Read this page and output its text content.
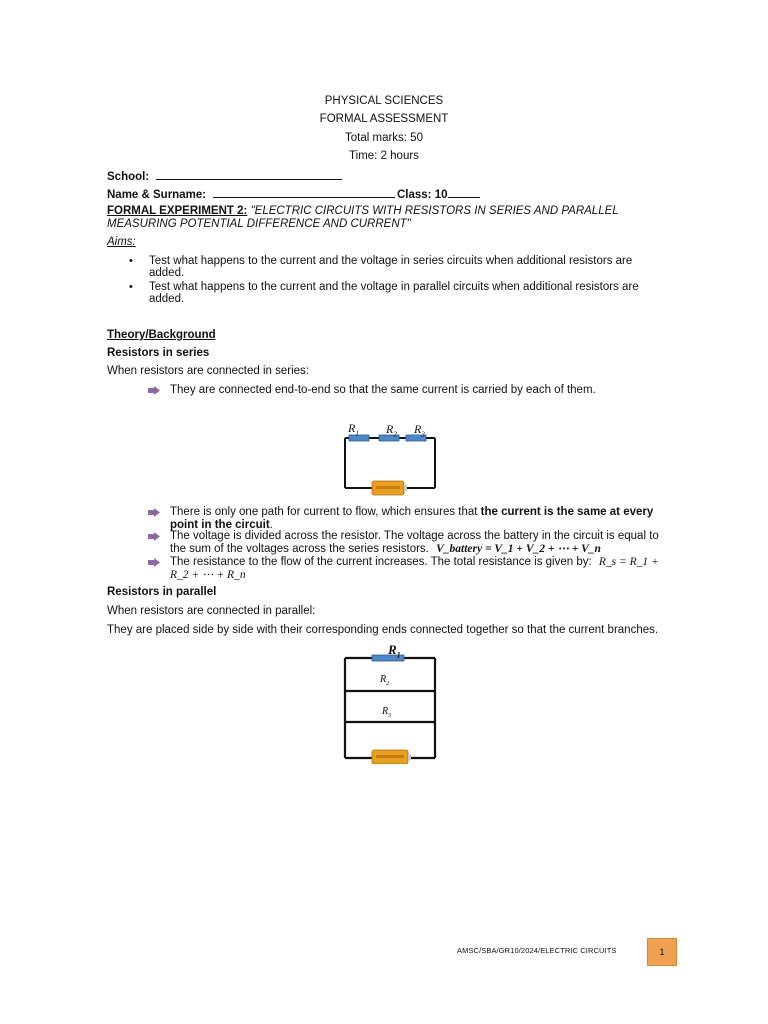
PHYSICAL SCIENCES
FORMAL ASSESSMENT
Total marks: 50
Time: 2 hours
School:
Name & Surname:	Class: 10
FORMAL EXPERIMENT 2: "ELECTRIC CIRCUITS WITH RESISTORS IN SERIES AND PARALLEL
MEASURING POTENTIAL DIFFERENCE AND CURRENT"
Aims:
• Test what happens to the current and the voltage in series circuits when additional resistors are
added.
• Test what happens to the current and the voltage in parallel circuits when additional resistors are
added.
Theory/Background
Resistors in series
When resistors are connected in series:
They are connected end-to-end so that the same current is carried by each of them.
$R_1$ $R_2$ $R_3$
There is only one path for current to flow, which ensures that the current is the same at every
point in the circuit.
The voltage is divided across the resistor. The voltage across the battery in the circuit is equal to
the sum of the voltages across the series resistors. V_battery = V_1 + V_2 + ⋯ + V_n
The resistance to the flow of the current increases. The total resistance is given by: R_s = R_1 +
R_2 + ⋯ + R_n
Resistors in parallel
When resistors are connected in parallel:
They are placed side by side with their corresponding ends connected together so that the current branches.
$R_1$
$R_2$
$R_3$
AMSC/SBA/GR10/2024/ELECTRIC CIRCUITS	1
